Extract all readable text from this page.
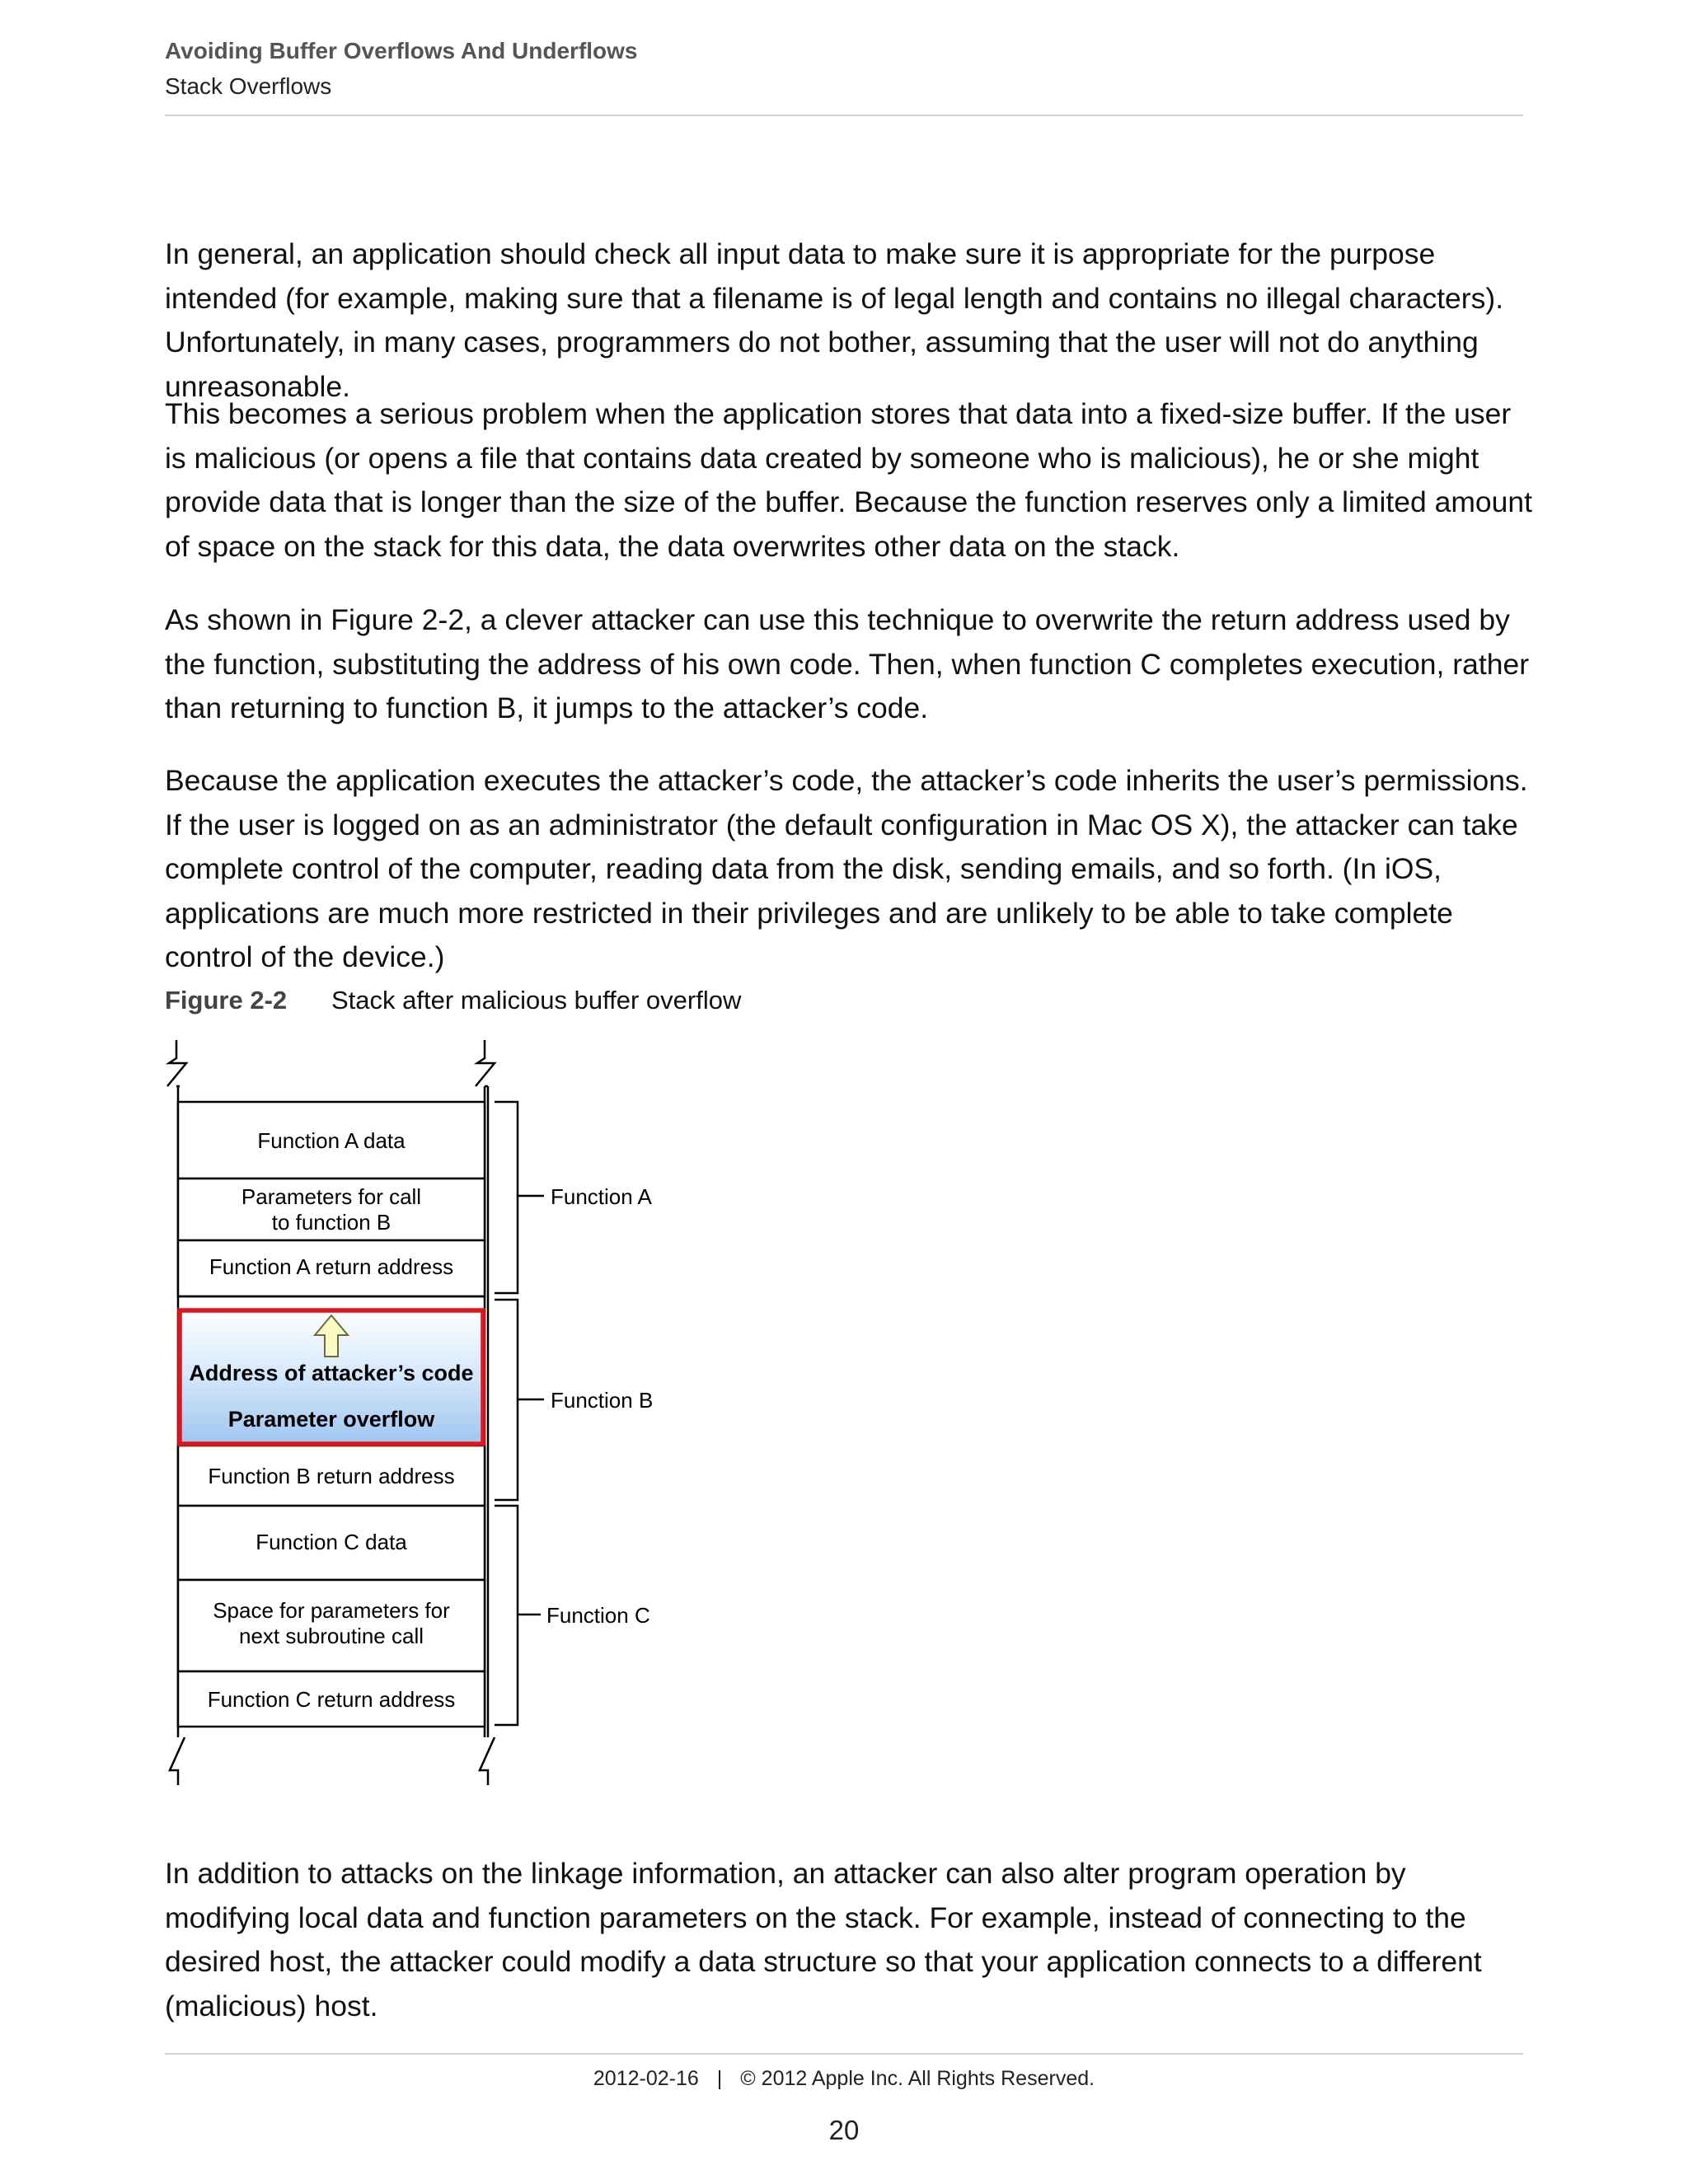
Avoiding Buffer Overflows And Underflows
Stack Overflows

In general, an application should check all input data to make sure it is appropriate for the purpose intended (for example, making sure that a filename is of legal length and contains no illegal characters). Unfortunately, in many cases, programmers do not bother, assuming that the user will not do anything unreasonable.

This becomes a serious problem when the application stores that data into a fixed-size buffer. If the user is malicious (or opens a file that contains data created by someone who is malicious), he or she might provide data that is longer than the size of the buffer. Because the function reserves only a limited amount of space on the stack for this data, the data overwrites other data on the stack.

As shown in Figure 2-2, a clever attacker can use this technique to overwrite the return address used by the function, substituting the address of his own code. Then, when function C completes execution, rather than returning to function B, it jumps to the attacker’s code.

Because the application executes the attacker’s code, the attacker’s code inherits the user’s permissions. If the user is logged on as an administrator (the default configuration in Mac OS X), the attacker can take complete control of the computer, reading data from the disk, sending emails, and so forth. (In iOS, applications are much more restricted in their privileges and are unlikely to be able to take complete control of the device.)

Figure 2-2 Stack after malicious buffer overflow
Function A data
Parameters for call
to function B
Function A return address
Address of attacker’s code
Parameter overflow
Function B return address
Function C data
Space for parameters for
next subroutine call
Function C return address
Function A
Function B
Function C

In addition to attacks on the linkage information, an attacker can also alter program operation by modifying local data and function parameters on the stack. For example, instead of connecting to the desired host, the attacker could modify a data structure so that your application connects to a different (malicious) host.

2012-02-16 | © 2012 Apple Inc. All Rights Reserved.
20
